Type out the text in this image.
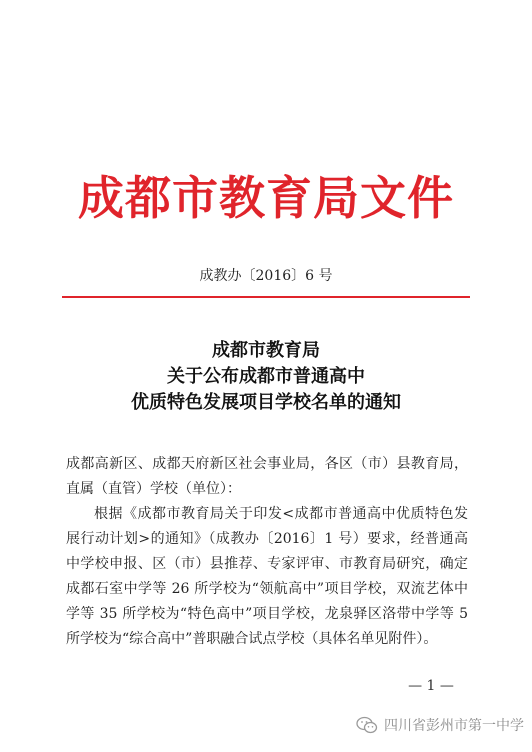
成都市教育局文件
成教办〔2016〕6 号
成都市教育局
关于公布成都市普通高中
优质特色发展项目学校名单的通知

成都高新区、成都天府新区社会事业局，各区（市）县教育局，直属（直管）学校（单位）：

根据《成都市教育局关于印发<成都市普通高中优质特色发展行动计划>的通知》（成教办〔2016〕1 号）要求，经普通高中学校申报、区（市）县推荐、专家评审、市教育局研究，确定成都石室中学等 26 所学校为“领航高中”项目学校，双流艺体中学等 35 所学校为“特色高中”项目学校，龙泉驿区洛带中学等 5 所学校为“综合高中”普职融合试点学校（具体名单见附件）。

— 1 —
四川省彭州市第一中学
